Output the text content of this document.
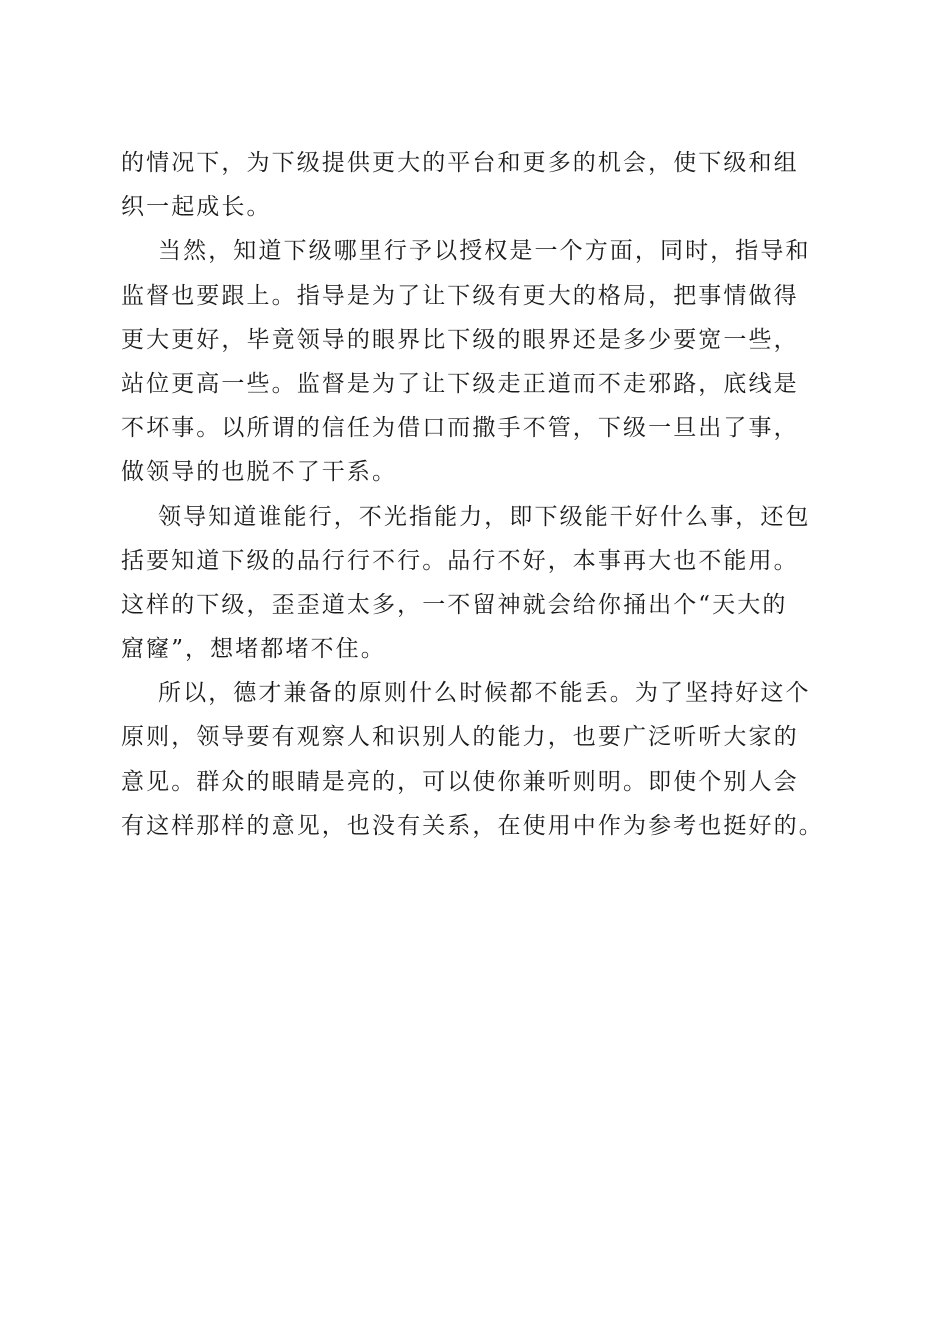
的情况下，为下级提供更大的平台和更多的机会，使下级和组
织一起成长。
当然，知道下级哪里行予以授权是一个方面，同时，指导和
监督也要跟上。指导是为了让下级有更大的格局，把事情做得
更大更好，毕竟领导的眼界比下级的眼界还是多少要宽一些，
站位更高一些。监督是为了让下级走正道而不走邪路，底线是
不坏事。以所谓的信任为借口而撒手不管，下级一旦出了事，
做领导的也脱不了干系。
领导知道谁能行，不光指能力，即下级能干好什么事，还包
括要知道下级的品行行不行。品行不好，本事再大也不能用。
这样的下级，歪歪道太多，一不留神就会给你捅出个“天大的
窟窿”，想堵都堵不住。
所以，德才兼备的原则什么时候都不能丢。为了坚持好这个
原则，领导要有观察人和识别人的能力，也要广泛听听大家的
意见。群众的眼睛是亮的，可以使你兼听则明。即使个别人会
有这样那样的意见，也没有关系，在使用中作为参考也挺好的。
